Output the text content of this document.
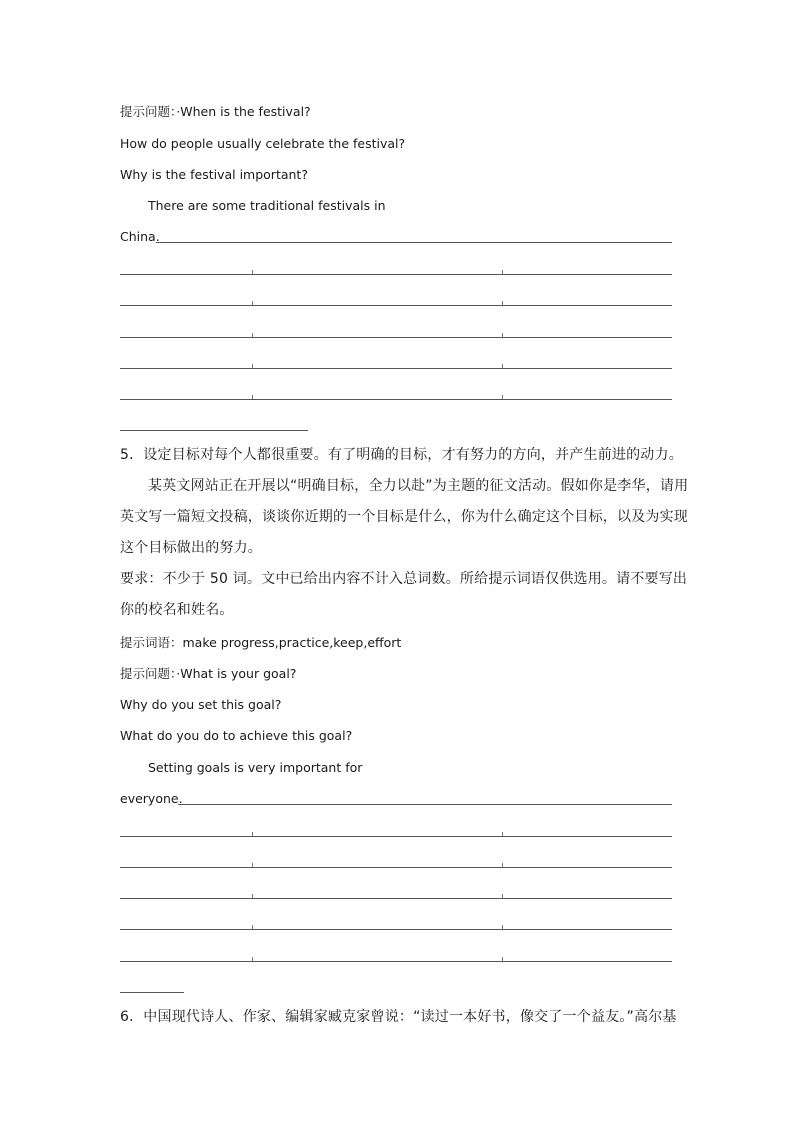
提示问题：·When is the festival?
How do people usually celebrate the festival?
Why is the festival important?
There are some traditional festivals in
China.
5．设定目标对每个人都很重要。有了明确的目标，才有努力的方向，并产生前进的动力。
某英文网站正在开展以“明确目标，全力以赴”为主题的征文活动。假如你是李华，请用
英文写一篇短文投稿，谈谈你近期的一个目标是什么，你为什么确定这个目标，以及为实现
这个目标做出的努力。
要求：不少于 50 词。文中已给出内容不计入总词数。所给提示词语仅供选用。请不要写出
你的校名和姓名。
提示词语：make progress,practice,keep,effort
提示问题：·What is your goal?
Why do you set this goal?
What do you do to achieve this goal?
Setting goals is very important for
everyone.
6．中国现代诗人、作家、编辑家臧克家曾说：“读过一本好书，像交了一个益友。”高尔基
